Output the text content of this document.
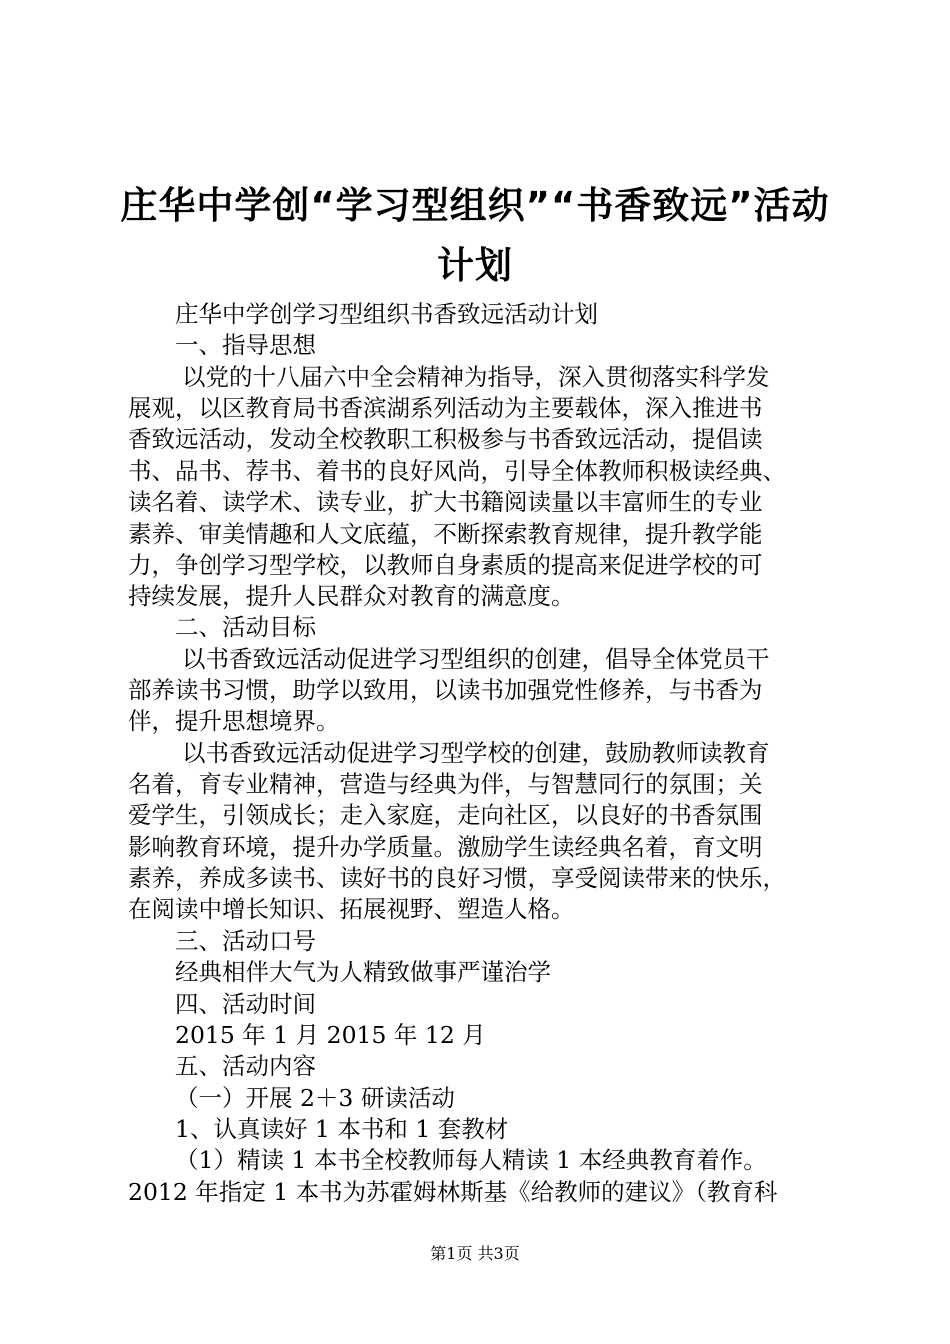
庄华中学创“学习型组织”“书香致远”活动
计划
庄华中学创学习型组织书香致远活动计划
一、指导思想
以党的十八届六中全会精神为指导，深入贯彻落实科学发
展观，以区教育局书香滨湖系列活动为主要载体，深入推进书
香致远活动，发动全校教职工积极参与书香致远活动，提倡读
书、品书、荐书、着书的良好风尚，引导全体教师积极读经典、
读名着、读学术、读专业，扩大书籍阅读量以丰富师生的专业
素养、审美情趣和人文底蕴，不断探索教育规律，提升教学能
力，争创学习型学校，以教师自身素质的提高来促进学校的可
持续发展，提升人民群众对教育的满意度。
二、活动目标
以书香致远活动促进学习型组织的创建，倡导全体党员干
部养读书习惯，助学以致用，以读书加强党性修养，与书香为
伴，提升思想境界。
以书香致远活动促进学习型学校的创建，鼓励教师读教育
名着，育专业精神，营造与经典为伴，与智慧同行的氛围；关
爱学生，引领成长；走入家庭，走向社区，以良好的书香氛围
影响教育环境，提升办学质量。激励学生读经典名着，育文明
素养，养成多读书、读好书的良好习惯，享受阅读带来的快乐，
在阅读中增长知识、拓展视野、塑造人格。
三、活动口号
经典相伴大气为人精致做事严谨治学
四、活动时间
2015 年 1 月 2015 年 12 月
五、活动内容
（一）开展 2＋3 研读活动
1、认真读好 1 本书和 1 套教材
（1）精读 1 本书全校教师每人精读 1 本经典教育着作。
2012 年指定 1 本书为苏霍姆林斯基《给教师的建议》（教育科
第1页 共3页
